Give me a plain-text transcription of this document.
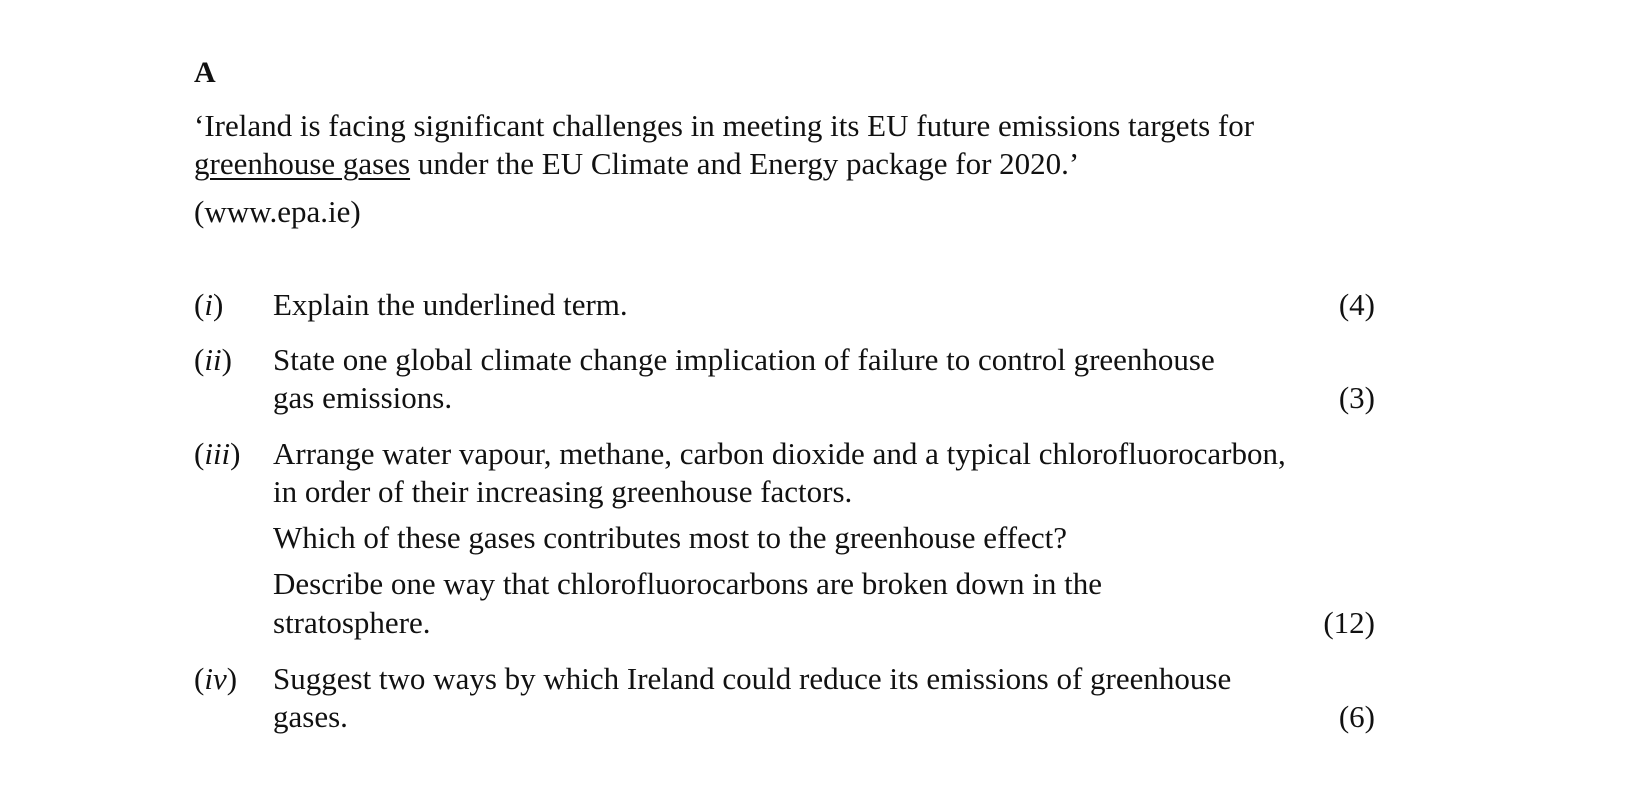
A
‘Ireland is facing significant challenges in meeting its EU future emissions targets for
greenhouse gases under the EU Climate and Energy package for 2020.’
(www.epa.ie)
(i) Explain the underlined term.	(4)
(ii) State one global climate change implication of failure to control greenhouse
gas emissions.	(3)
(iii) Arrange water vapour, methane, carbon dioxide and a typical chlorofluorocarbon,
in order of their increasing greenhouse factors.
Which of these gases contributes most to the greenhouse effect?
Describe one way that chlorofluorocarbons are broken down in the
stratosphere.	(12)
(iv) Suggest two ways by which Ireland could reduce its emissions of greenhouse
gases.	(6)
